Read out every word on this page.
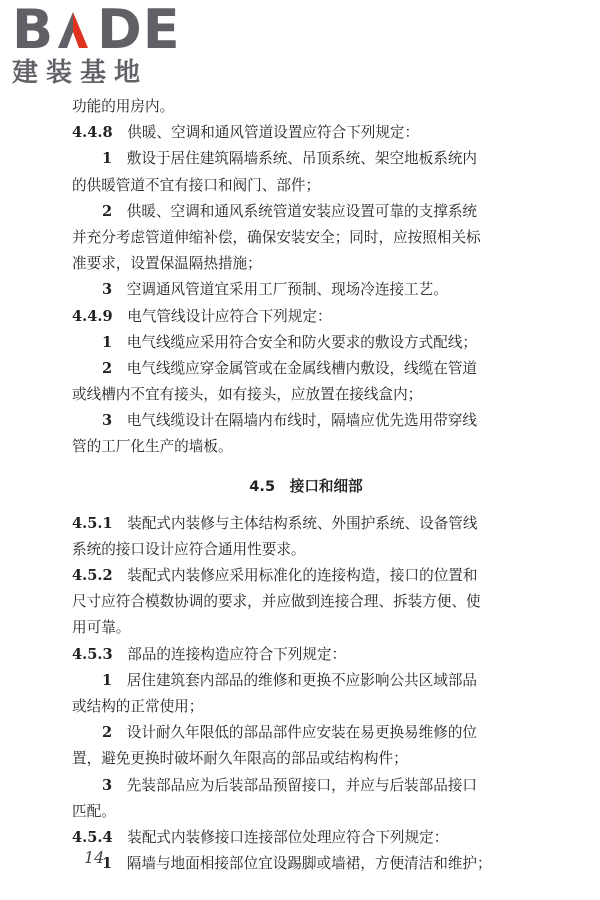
B DE
建装基地
功能的用房内。
4.4.8　 供暖、空调和通风管道设置应符合下列规定：
1　 敷设于居住建筑隔墙系统、吊顶系统、架空地板系统内
的供暖管道不宜有接口和阀门、部件；
2　 供暖、空调和通风系统管道安装应设置可靠的支撑系统
并充分考虑管道伸缩补偿，确保安装安全；同时，应按照相关标
准要求，设置保温隔热措施；
3　 空调通风管道宜采用工厂预制、现场冷连接工艺。
4.4.9　 电气管线设计应符合下列规定：
1　 电气线缆应采用符合安全和防火要求的敷设方式配线；
2　 电气线缆应穿金属管或在金属线槽内敷设，线缆在管道
或线槽内不宜有接头，如有接头，应放置在接线盒内；
3　 电气线缆设计在隔墙内布线时，隔墙应优先选用带穿线
管的工厂化生产的墙板。
4.5　接口和细部
4.5.1　 装配式内装修与主体结构系统、外围护系统、设备管线
系统的接口设计应符合通用性要求。
4.5.2　 装配式内装修应采用标准化的连接构造，接口的位置和
尺寸应符合模数协调的要求，并应做到连接合理、拆装方便、使
用可靠。
4.5.3　 部品的连接构造应符合下列规定：
1　 居住建筑套内部品的维修和更换不应影响公共区域部品
或结构的正常使用；
2　 设计耐久年限低的部品部件应安装在易更换易维修的位
置，避免更换时破坏耐久年限高的部品或结构构件；
3　 先装部品应为后装部品预留接口，并应与后装部品接口
匹配。
4.5.4　 装配式内装修接口连接部位处理应符合下列规定：
1　 隔墙与地面相接部位宜设踢脚或墙裙，方便清洁和维护；
14
